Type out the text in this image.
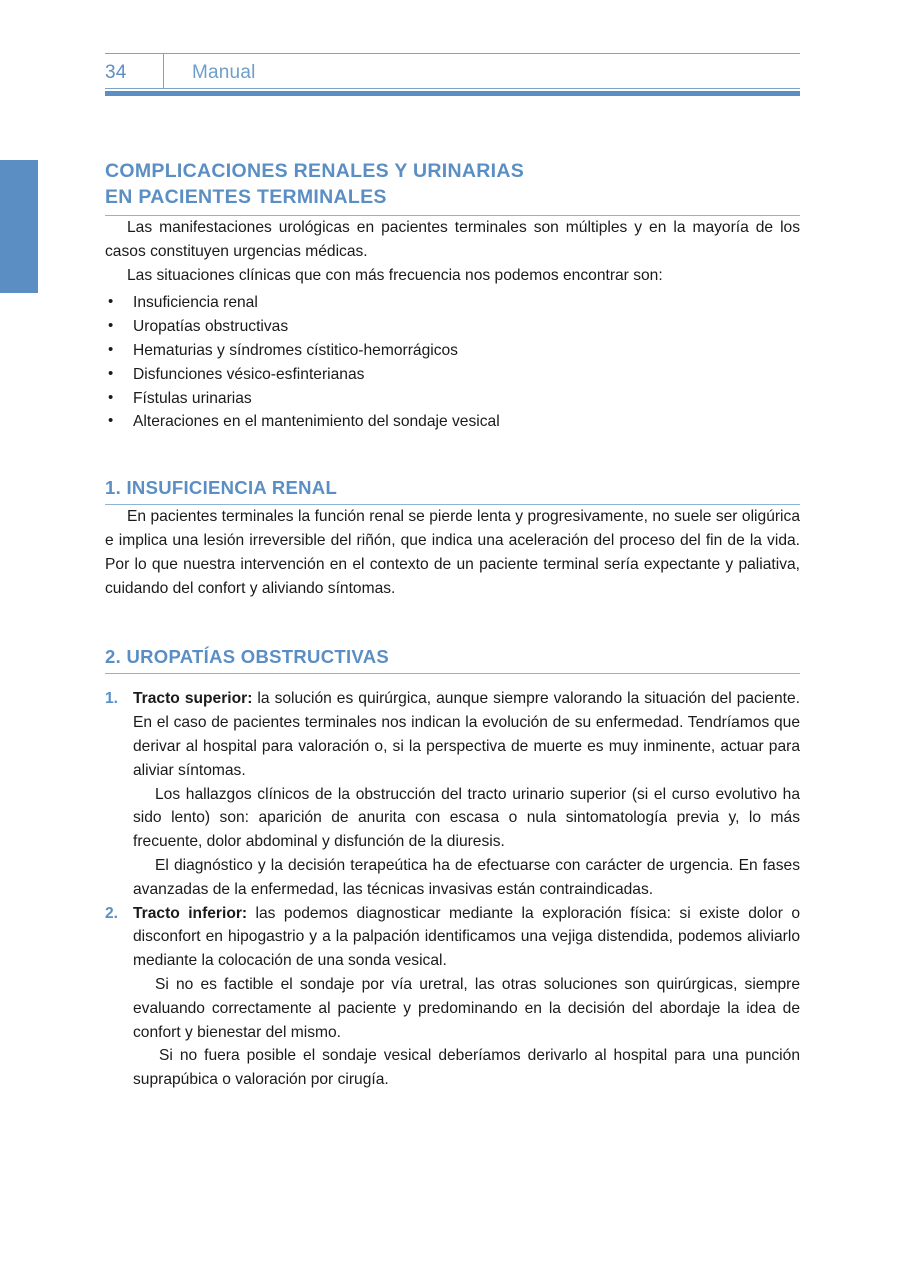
34	Manual
COMPLICACIONES RENALES Y URINARIAS
EN PACIENTES TERMINALES

Las manifestaciones urológicas en pacientes terminales son múltiples y en la mayoría de los casos constituyen urgencias médicas.

Las situaciones clínicas que con más frecuencia nos podemos encontrar son:

• Insuficiencia renal
• Uropatías obstructivas
• Hematurias y síndromes cístitico-hemorrágicos
• Disfunciones vésico-esfinterianas
• Fístulas urinarias
• Alteraciones en el mantenimiento del sondaje vesical
1. INSUFICIENCIA RENAL

En pacientes terminales la función renal se pierde lenta y progresivamente, no suele ser oligúrica e implica una lesión irreversible del riñón, que indica una aceleración del proceso del fin de la vida. Por lo que nuestra intervención en el contexto de un paciente terminal sería expectante y paliativa, cuidando del confort y aliviando síntomas.

2. UROPATÍAS OBSTRUCTIVAS
1. Tracto superior: la solución es quirúrgica, aunque siempre valorando la situación del paciente. En el caso de pacientes terminales nos indican la evolución de su enfermedad. Tendríamos que derivar al hospital para valoración o, si la perspectiva de muerte es muy inminente, actuar para aliviar síntomas.

Los hallazgos clínicos de la obstrucción del tracto urinario superior (si el curso evolutivo ha sido lento) son: aparición de anurita con escasa o nula sintomatología previa y, lo más frecuente, dolor abdominal y disfunción de la diuresis.

El diagnóstico y la decisión terapeútica ha de efectuarse con carácter de urgencia. En fases avanzadas de la enfermedad, las técnicas invasivas están contraindicadas.

2. Tracto inferior: las podemos diagnosticar mediante la exploración física: si existe dolor o disconfort en hipogastrio y a la palpación identificamos una vejiga distendida, podemos aliviarlo mediante la colocación de una sonda vesical.

Si no es factible el sondaje por vía uretral, las otras soluciones son quirúrgicas, siempre evaluando correctamente al paciente y predominando en la decisión del abordaje la idea de confort y bienestar del mismo.

Si no fuera posible el sondaje vesical deberíamos derivarlo al hospital para una punción suprapúbica o valoración por cirugía.
